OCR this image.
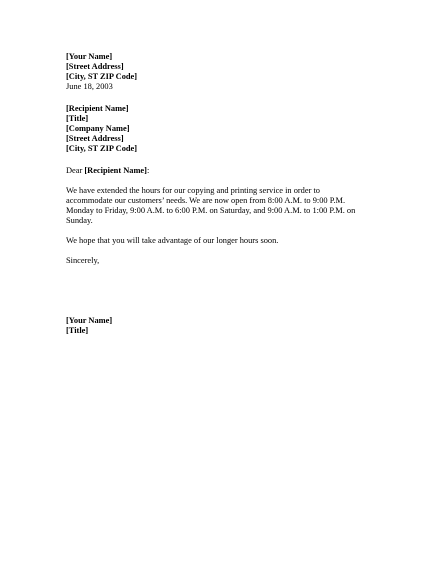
[Your Name]
[Street Address]
[City, ST ZIP Code]
June 18, 2003
[Recipient Name]
[Title]
[Company Name]
[Street Address]
[City, ST ZIP Code]
Dear [Recipient Name]:
We have extended the hours for our copying and printing service in order to
accommodate our customers’ needs. We are now open from 8:00 A.M. to 9:00 P.M.
Monday to Friday, 9:00 A.M. to 6:00 P.M. on Saturday, and 9:00 A.M. to 1:00 P.M. on
Sunday.
We hope that you will take advantage of our longer hours soon.
Sincerely,
[Your Name]
[Title]
